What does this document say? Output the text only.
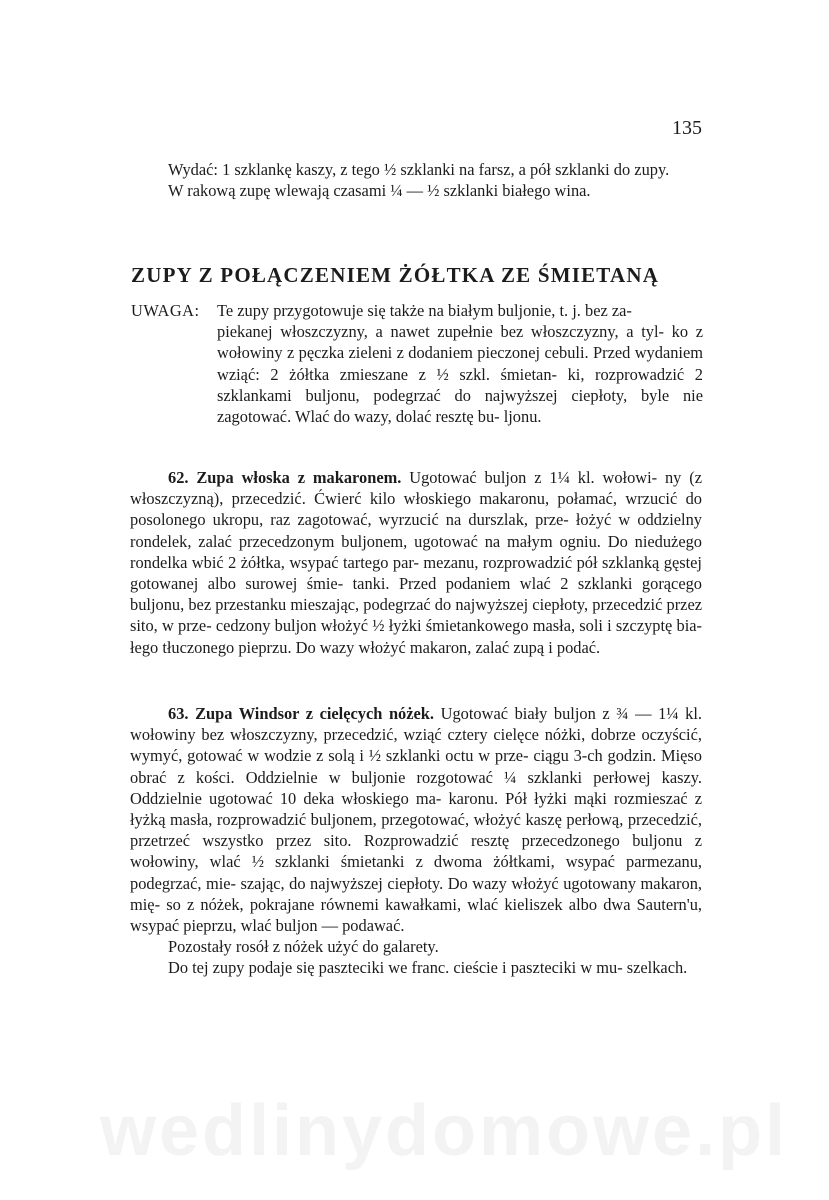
135

Wydać: 1 szklankę kaszy, z tego ½ szklanki na farsz, a pół szklanki do zupy.

W rakową zupę wlewają czasami ¼ — ½ szklanki białego wina.

ZUPY Z POŁĄCZENIEM ŻÓŁTKA ZE ŚMIETANĄ
UWAGA: Te zupy przygotowuje się także na białym buljonie, t. j. bez za-
piekanej włoszczyzny, a nawet zupełnie bez włoszczyzny, a tyl- ko z wołowiny z pęczka zieleni z dodaniem pieczonej cebuli. Przed wydaniem wziąć: 2 żółtka zmieszane z ½ szkl. śmietan- ki, rozprowadzić 2 szklankami buljonu, podegrzać do najwyższej ciepłoty, byle nie zagotować. Wlać do wazy, dolać resztę bu- ljonu.

62. Zupa włoska z makaronem. Ugotować buljon z 1¼ kl. wołowi- ny (z włoszczyzną), przecedzić. Ćwierć kilo włoskiego makaronu, połamać, wrzucić do posolonego ukropu, raz zagotować, wyrzucić na durszlak, prze- łożyć w oddzielny rondelek, zalać przecedzonym buljonem, ugotować na małym ogniu. Do niedużego rondelka wbić 2 żółtka, wsypać tartego par- mezanu, rozprowadzić pół szklanką gęstej gotowanej albo surowej śmie- tanki. Przed podaniem wlać 2 szklanki gorącego buljonu, bez przestanku mieszając, podegrzać do najwyższej ciepłoty, przecedzić przez sito, w prze- cedzony buljon włożyć ½ łyżki śmietankowego masła, soli i szczyptę bia- łego tłuczonego pieprzu. Do wazy włożyć makaron, zalać zupą i podać.

63. Zupa Windsor z cielęcych nóżek. Ugotować biały buljon z ¾ — 1¼ kl. wołowiny bez włoszczyzny, przecedzić, wziąć cztery cielęce nóżki, dobrze oczyścić, wymyć, gotować w wodzie z solą i ½ szklanki octu w prze- ciągu 3-ch godzin. Mięso obrać z kości. Oddzielnie w buljonie rozgotować ¼ szklanki perłowej kaszy. Oddzielnie ugotować 10 deka włoskiego ma- karonu. Pół łyżki mąki rozmieszać z łyżką masła, rozprowadzić buljonem, przegotować, włożyć kaszę perłową, przecedzić, przetrzeć wszystko przez sito. Rozprowadzić resztę przecedzonego buljonu z wołowiny, wlać ½ szklanki śmietanki z dwoma żółtkami, wsypać parmezanu, podegrzać, mie- szając, do najwyższej ciepłoty. Do wazy włożyć ugotowany makaron, mię- so z nóżek, pokrajane równemi kawałkami, wlać kieliszek albo dwa Sautern'u, wsypać pieprzu, wlać buljon — podawać.

Pozostały rosół z nóżek użyć do galarety.

Do tej zupy podaje się paszteciki we franc. cieście i paszteciki w mu- szelkach.

wedlinydomowe.pl
